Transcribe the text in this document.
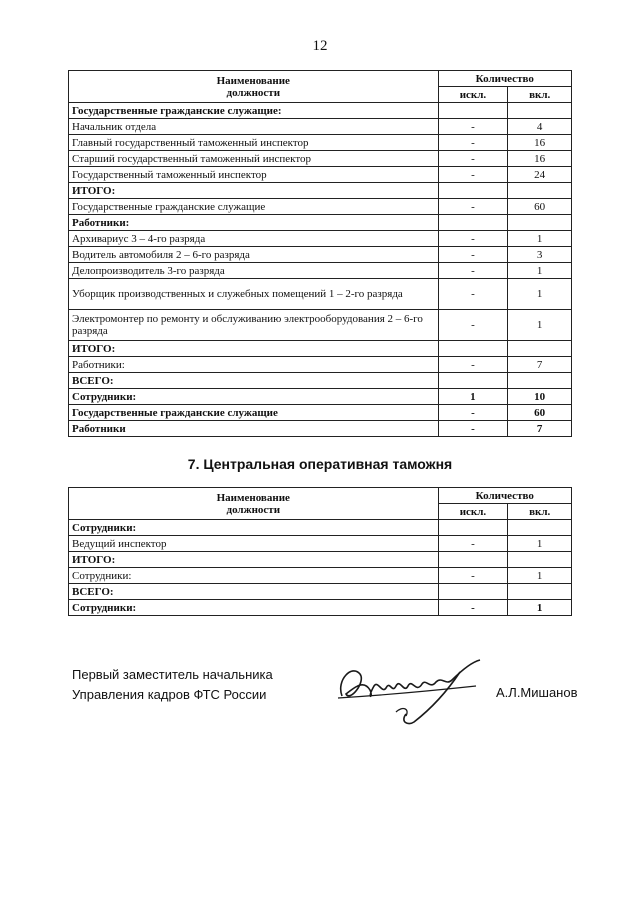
12
Наименование
должности	Количество	
	искл.	вкл.
Государственные гражданские служащие:		
Начальник отдела	-	4
Главный государственный таможенный инспектор	-	16
Старший государственный таможенный инспектор	-	16
Государственный таможенный инспектор	-	24
ИТОГО:		
Государственные гражданские служащие	-	60
Работники:		
Архивариус 3 – 4-го разряда	-	1
Водитель автомобиля 2 – 6-го разряда	-	3
Делопроизводитель 3-го разряда	-	1
Уборщик производственных и служебных помещений 1 – 2-го разряда	-	1
Электромонтер по ремонту и обслуживанию электрооборудования 2 – 6-го разряда	-	1
ИТОГО:		
Работники:	-	7
ВСЕГО:		
Сотрудники:	1	10
Государственные гражданские служащие	-	60
Работники	-	7
7. Центральная оперативная таможня
Наименование
должности	Количество	
	искл.	вкл.
Сотрудники:		
Ведущий инспектор	-	1
ИТОГО:		
Сотрудники:	-	1
ВСЕГО:		
Сотрудники:	-	1
Первый заместитель начальника
Управления кадров ФТС России	А.Л.Мишанов
